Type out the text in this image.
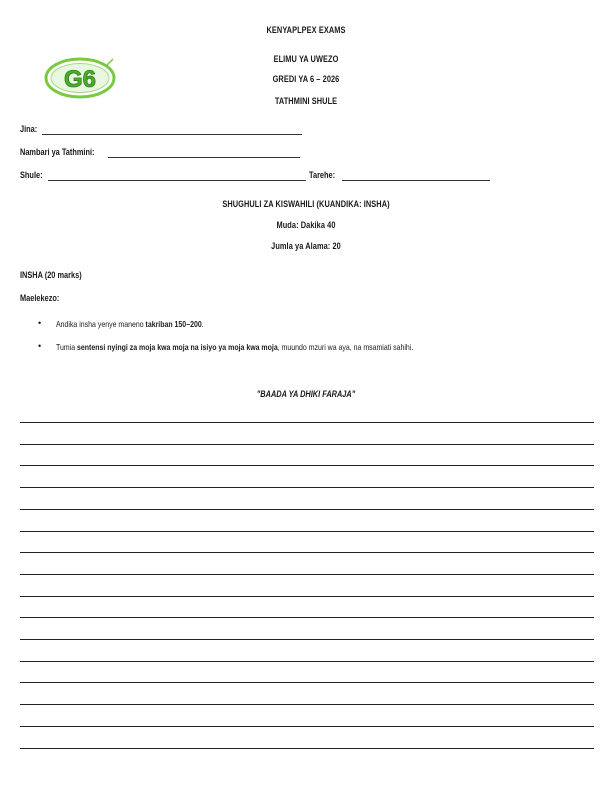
KENYAPLPEX EXAMS
ELIMU YA UWEZO
GREDI YA 6 – 2026
TATHMINI SHULE
G6
Jina:
Nambari ya Tathmini:
Shule:	Tarehe:
SHUGHULI ZA KISWAHILI (KUANDIKA: INSHA)
Muda: Dakika 40
Jumla ya Alama: 20
INSHA (20 marks)
Maelekezo:
• Andika insha yenye maneno takriban 150–200.
• Tumia sentensi nyingi za moja kwa moja na isiyo ya moja kwa moja, muundo mzuri wa aya, na msamiati sahihi.
"BAADA YA DHIKI FARAJA"
